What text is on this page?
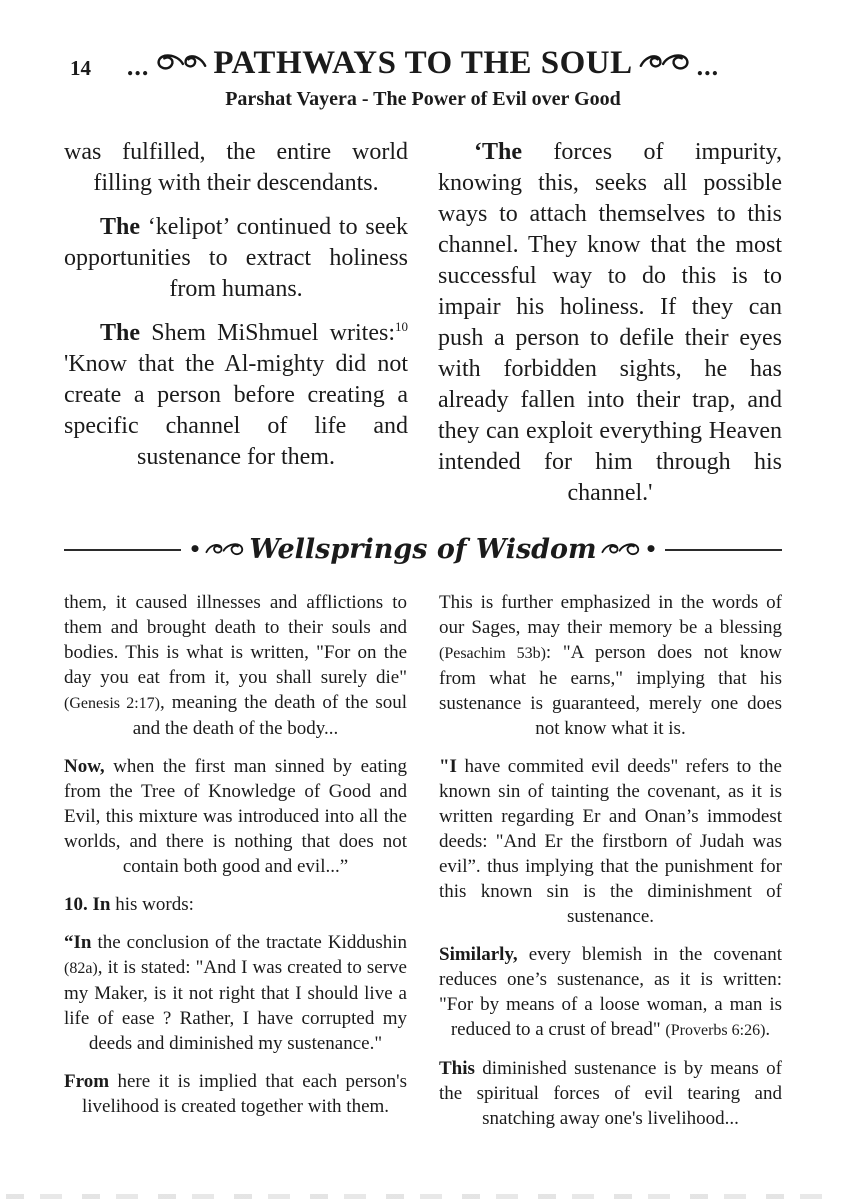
14 ... PATHWAYS TO THE SOUL ...
Parshat Vayera - The Power of Evil over Good

was fulfilled, the entire world filling with their descendants.

The ‘kelipot’ continued to seek opportunities to extract holiness from humans.

The Shem MiShmuel writes:$^{10}$ 'Know that the Al-mighty did not create a person before creating a specific channel of life and sustenance for them.

‘The forces of impurity, knowing this, seeks all possible ways to attach themselves to this channel. They know that the most successful way to do this is to impair his holiness. If they can push a person to defile their eyes with forbidden sights, he has already fallen into their trap, and they can exploit everything Heaven intended for him through his channel.'

• Wellsprings of Wisdom •

them, it caused illnesses and afflictions to them and brought death to their souls and bodies. This is what is written, "For on the day you eat from it, you shall surely die" (Genesis 2:17), meaning the death of the soul and the death of the body...

Now, when the first man sinned by eating from the Tree of Knowledge of Good and Evil, this mixture was introduced into all the worlds, and there is nothing that does not contain both good and evil...”

10. In his words:

“In the conclusion of the tractate Kiddushin (82a), it is stated: "And I was created to serve my Maker, is it not right that I should live a life of ease ? Rather, I have corrupted my deeds and diminished my sustenance."

From here it is implied that each person's livelihood is created together with them.

This is further emphasized in the words of our Sages, may their memory be a blessing (Pesachim 53b): "A person does not know from what he earns," implying that his sustenance is guaranteed, merely one does not know what it is.

"I have commited evil deeds" refers to the known sin of tainting the covenant, as it is written regarding Er and Onan’s immodest deeds: "And Er the firstborn of Judah was evil”. thus implying that the punishment for this known sin is the diminishment of sustenance.

Similarly, every blemish in the covenant reduces one’s sustenance, as it is written: "For by means of a loose woman, a man is reduced to a crust of bread" (Proverbs 6:26).

This diminished sustenance is by means of the spiritual forces of evil tearing and snatching away one's livelihood...
